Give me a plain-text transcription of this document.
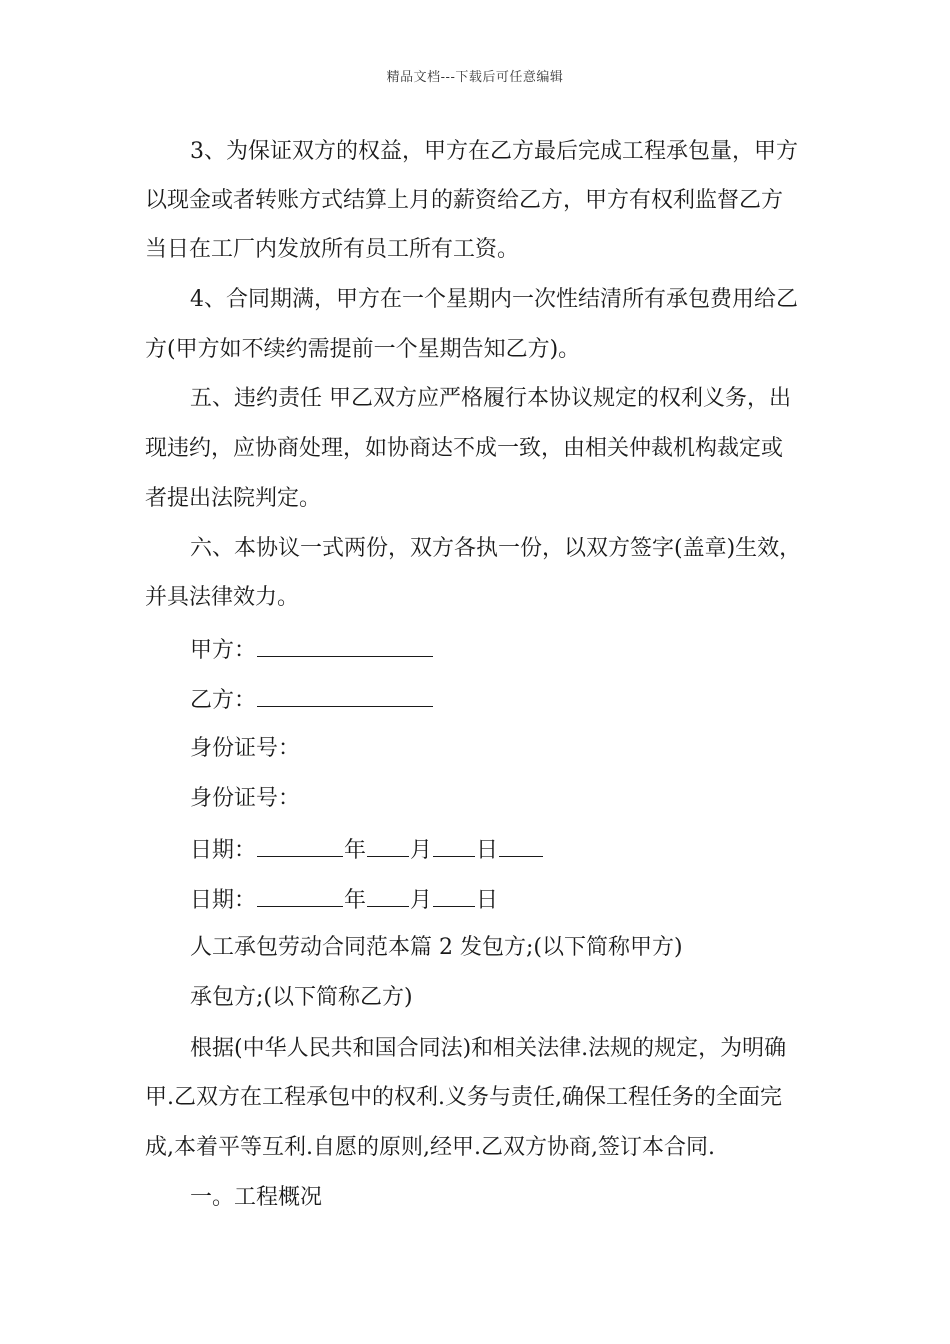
精品文档---下载后可任意编辑
3、为保证双方的权益，甲方在乙方最后完成工程承包量，甲方
以现金或者转账方式结算上月的薪资给乙方，甲方有权利监督乙方
当日在工厂内发放所有员工所有工资。
4、合同期满，甲方在一个星期内一次性结清所有承包费用给乙
方(甲方如不续约需提前一个星期告知乙方)。
五、违约责任 甲乙双方应严格履行本协议规定的权利义务，出
现违约，应协商处理，如协商达不成一致，由相关仲裁机构裁定或
者提出法院判定。
六、本协议一式两份，双方各执一份，以双方签字(盖章)生效，
并具法律效力。
甲方：
乙方：
身份证号：
身份证号：
日期：	年 月 日
日期：	年 月 日
人工承包劳动合同范本篇 2 发包方;(以下简称甲方)
承包方;(以下简称乙方)
根据(中华人民共和国合同法)和相关法律.法规的规定，为明确
甲.乙双方在工程承包中的权利.义务与责任,确保工程任务的全面完
成,本着平等互利.自愿的原则,经甲.乙双方协商,签订本合同.
一。工程概况
